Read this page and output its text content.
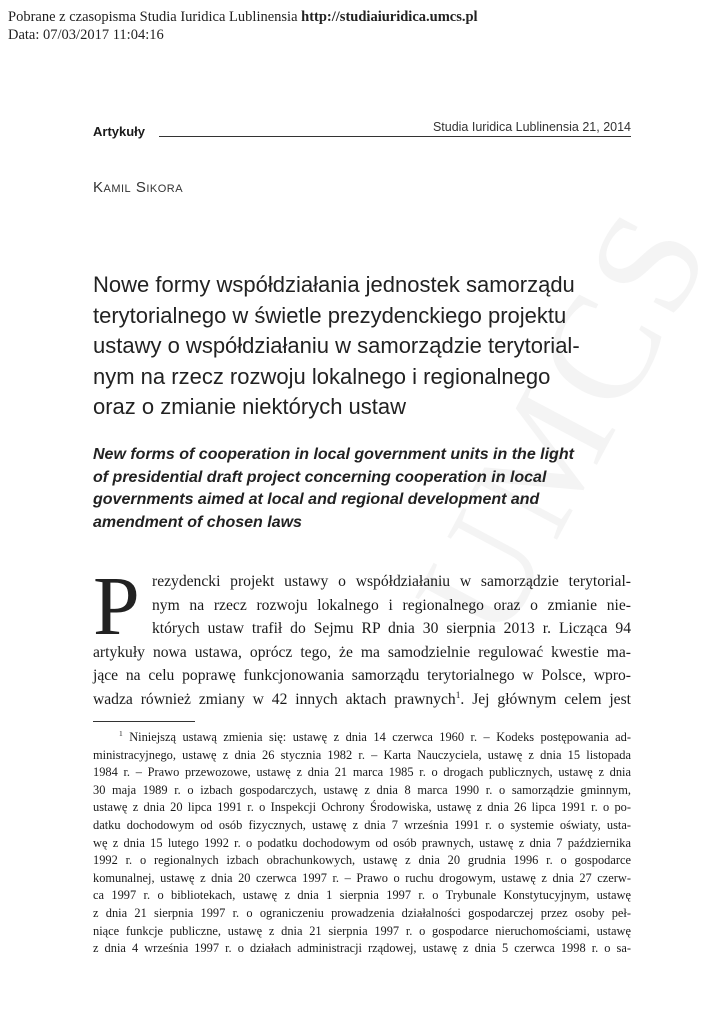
Pobrane z czasopisma Studia Iuridica Lublinensia http://studiaiuridica.umcs.pl
Data: 07/03/2017 11:04:16
Artykuły	Studia Iuridica Lublinensia 21, 2014
Kamil Sikora
Nowe formy współdziałania jednostek samorządu
terytorialnego w świetle prezydenckiego projektu
ustawy o współdziałaniu w samorządzie terytorial-
nym na rzecz rozwoju lokalnego i regionalnego
oraz o zmianie niektórych ustaw
New forms of cooperation in local government units in the light
of presidential draft project concerning cooperation in local
governments aimed at local and regional development and
amendment of chosen laws
P rezydencki projekt ustawy o współdziałaniu w samorządzie terytorial-
nym na rzecz rozwoju lokalnego i regionalnego oraz o zmianie nie-
których ustaw trafił do Sejmu RP dnia 30 sierpnia 2013 r. Licząca 94
artykuły nowa ustawa, oprócz tego, że ma samodzielnie regulować kwestie ma-
jące na celu poprawę funkcjonowania samorządu terytorialnego w Polsce, wpro-
wadza również zmiany w 42 innych aktach prawnych$^1$. Jej głównym celem jest
$^1$ Niniejszą ustawą zmienia się: ustawę z dnia 14 czerwca 1960 r. – Kodeks postępowania ad-
ministracyjnego, ustawę z dnia 26 stycznia 1982 r. – Karta Nauczyciela, ustawę z dnia 15 listopada
1984 r. – Prawo przewozowe, ustawę z dnia 21 marca 1985 r. o drogach publicznych, ustawę z dnia
30 maja 1989 r. o izbach gospodarczych, ustawę z dnia 8 marca 1990 r. o samorządzie gminnym,
ustawę z dnia 20 lipca 1991 r. o Inspekcji Ochrony Środowiska, ustawę z dnia 26 lipca 1991 r. o po-
datku dochodowym od osób fizycznych, ustawę z dnia 7 września 1991 r. o systemie oświaty, usta-
wę z dnia 15 lutego 1992 r. o podatku dochodowym od osób prawnych, ustawę z dnia 7 października
1992 r. o regionalnych izbach obrachunkowych, ustawę z dnia 20 grudnia 1996 r. o gospodarce
komunalnej, ustawę z dnia 20 czerwca 1997 r. – Prawo o ruchu drogowym, ustawę z dnia 27 czerw-
ca 1997 r. o bibliotekach, ustawę z dnia 1 sierpnia 1997 r. o Trybunale Konstytucyjnym, ustawę
z dnia 21 sierpnia 1997 r. o ograniczeniu prowadzenia działalności gospodarczej przez osoby peł-
niące funkcje publiczne, ustawę z dnia 21 sierpnia 1997 r. o gospodarce nieruchomościami, ustawę
z dnia 4 września 1997 r. o działach administracji rządowej, ustawę z dnia 5 czerwca 1998 r. o sa-
